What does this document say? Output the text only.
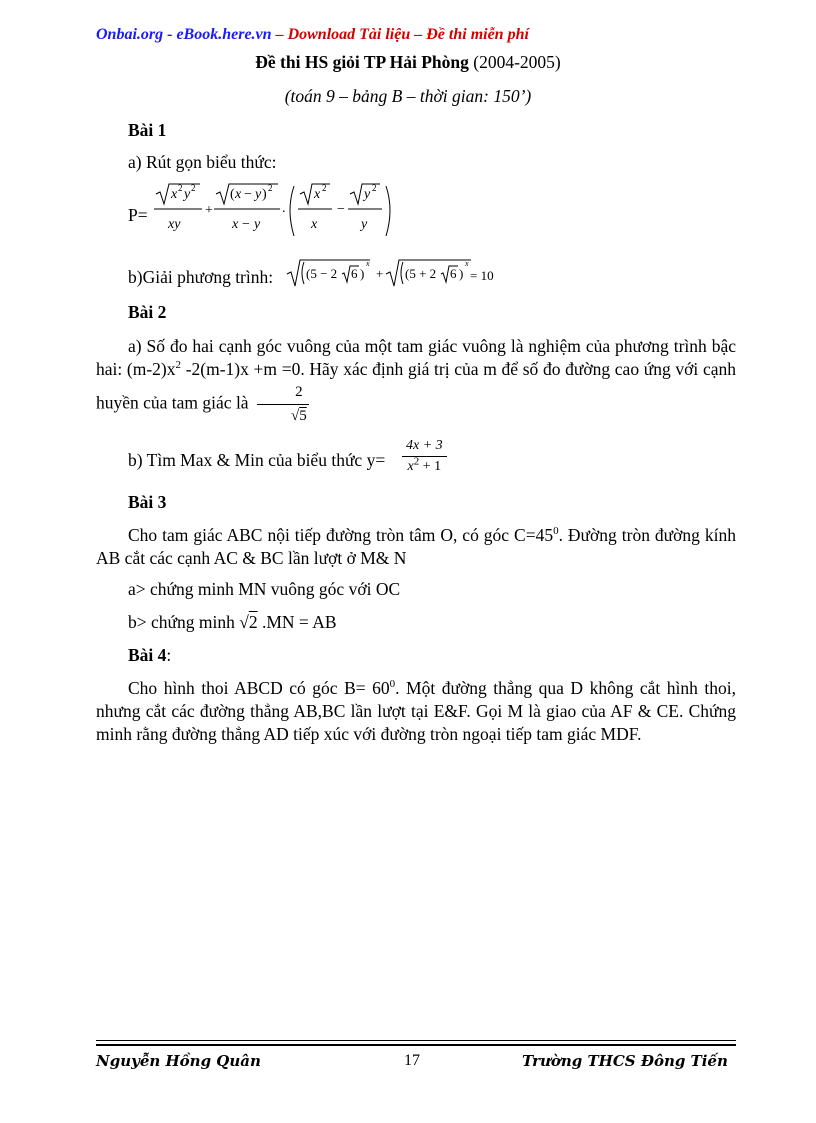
Onbai.org - eBook.here.vn – Download Tài liệu – Đề thi miễn phí
Đề thi HS giỏi TP Hải Phòng (2004-2005)
(toán 9 – bảng B – thời gian: 150’)
Bài 1
a) Rút gọn biểu thức:
P=
x 2 y 2
xy
+
( x − y ) 2
x − y
.
x 2
x
−
y 2
y
b)Giải phương trình:	(5 − 2 6 )
x
+ (5 + 2 6 )
x
= 10
Bài 2
a) Số đo hai cạnh góc vuông của một tam giác vuông là nghiệm của phương trình bậc hai: $(m-2)x^2$ -2(m-1)x +m =0. Hãy xác định giá trị của m để số đo đường cao ứng với cạnh huyền của tam giác là $\frac{2}{√5}$
b) Tìm Max & Min của biểu thức $y= \frac{4x + 3}{x^2 + 1}$
Bài 3
Cho tam giác ABC nội tiếp đường tròn tâm O, có góc $C=45^0$. Đường tròn đường kính AB cắt các cạnh AC & BC lần lượt ở M& N
a> chứng minh MN vuông góc với OC
b> chứng minh √2 .MN = AB
Bài 4:
Cho hình thoi ABCD có góc $B= 60^0$. Một đường thẳng qua D không cắt hình thoi, nhưng cắt các đường thẳng AB,BC lần lượt tại E&F. Gọi M là giao của AF & CE. Chứng minh rằng đường thẳng AD tiếp xúc với đường tròn ngoại tiếp tam giác MDF.
Nguyễn Hồng Quân	17	Trường THCS Đông Tiến
